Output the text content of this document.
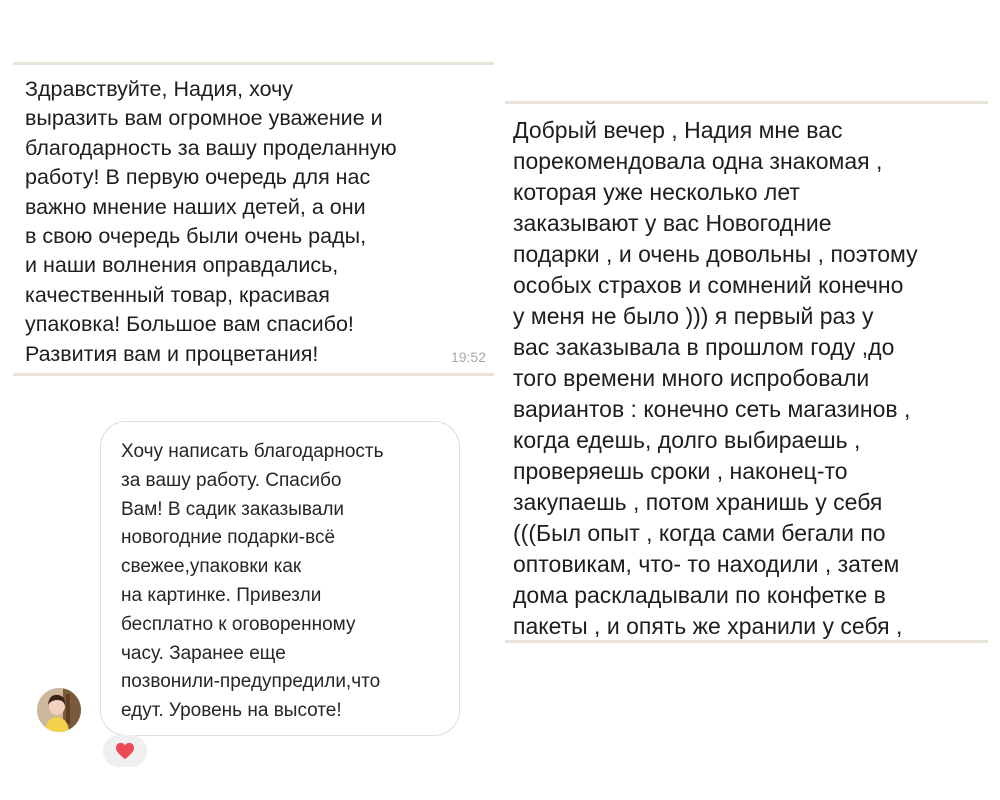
Здравствуйте, Надия, хочу
выразить вам огромное уважение и
благодарность за вашу проделанную
работу! В первую очередь для нас
важно мнение наших детей, а они
в свою очередь были очень рады,
и наши волнения оправдались,
качественный товар, красивая
упаковка! Большое вам спасибо!
Развития вам и процветания!	19:52

Хочу написать благодарность
за вашу работу. Спасибо
Вам! В садик заказывали
новогодние подарки-всё
свежее,упаковки как
на картинке. Привезли
бесплатно к оговоренному
часу. Заранее еще
позвонили-предупредили,что
едут. Уровень на высоте!

Добрый вечер , Надия мне вас
порекомендовала одна знакомая ,
которая уже несколько лет
заказывают у вас Новогодние
подарки , и очень довольны , поэтому
особых страхов и сомнений конечно
у меня не было ))) я первый раз у
вас заказывала в прошлом году ,до
того времени много испробовали
вариантов : конечно сеть магазинов ,
когда едешь, долго выбираешь ,
проверяешь сроки , наконец-то
закупаешь , потом хранишь у себя
(((Был опыт , когда сами бегали по
оптовикам, что- то находили , затем
дома раскладывали по конфетке в
пакеты , и опять же хранили у себя ,
